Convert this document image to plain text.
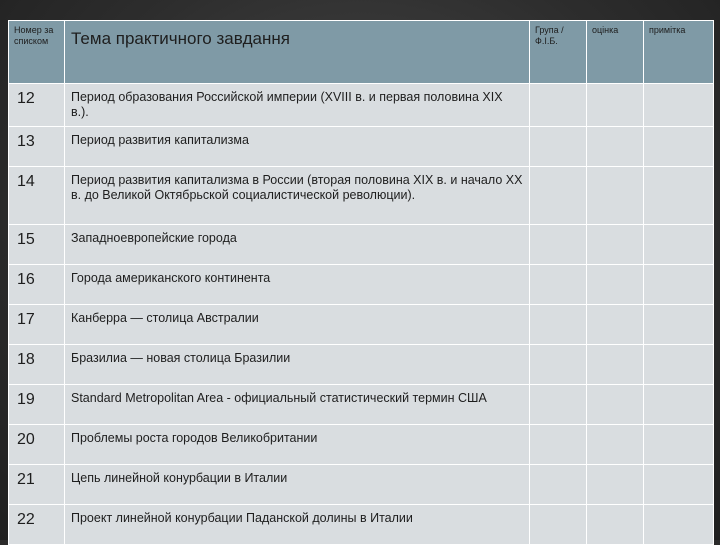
Номер за списком	Тема практичного завдання	Група / Ф.І.Б.	оцінка	примітка
12	Период образования Российской империи (XVIII в. и первая половина XIX в.).			
13	Период развития капитализма			
14	Период развития капитализма в России (вторая половина XIX в. и начало XX в. до Великой Октябрьской социалистической революции).			
15	Западноевропейские города			
16	Города американского континента			
17	Канберра — столица Австралии			
18	Бразилиа — новая столица Бразилии			
19	Standard Metropolitan Area - официальный статистический термин США			
20	Проблемы роста городов Великобритании			
21	Цепь линейной конурбации в Италии			
22	Проект линейной конурбации Паданской долины в Италии			
